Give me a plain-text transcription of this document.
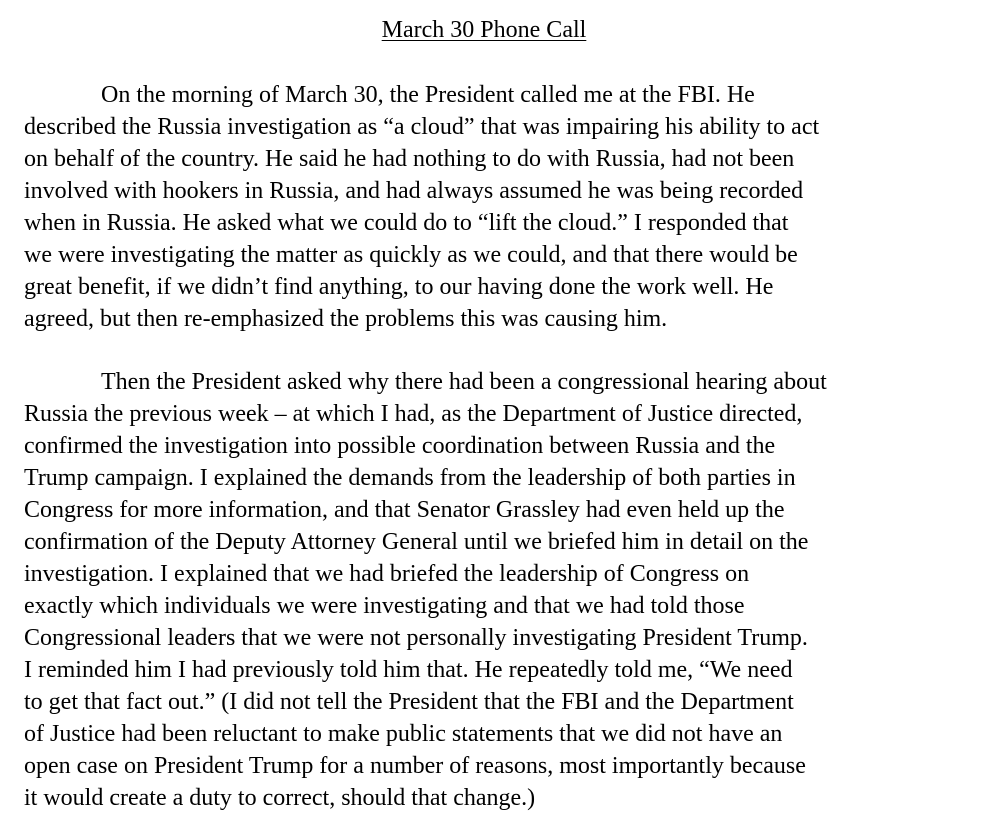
March 30 Phone Call
On the morning of March 30, the President called me at the FBI. He
described the Russia investigation as “a cloud” that was impairing his ability to act
on behalf of the country. He said he had nothing to do with Russia, had not been
involved with hookers in Russia, and had always assumed he was being recorded
when in Russia. He asked what we could do to “lift the cloud.” I responded that
we were investigating the matter as quickly as we could, and that there would be
great benefit, if we didn’t find anything, to our having done the work well. He
agreed, but then re-emphasized the problems this was causing him.
Then the President asked why there had been a congressional hearing about
Russia the previous week – at which I had, as the Department of Justice directed,
confirmed the investigation into possible coordination between Russia and the
Trump campaign. I explained the demands from the leadership of both parties in
Congress for more information, and that Senator Grassley had even held up the
confirmation of the Deputy Attorney General until we briefed him in detail on the
investigation. I explained that we had briefed the leadership of Congress on
exactly which individuals we were investigating and that we had told those
Congressional leaders that we were not personally investigating President Trump.
I reminded him I had previously told him that. He repeatedly told me, “We need
to get that fact out.” (I did not tell the President that the FBI and the Department
of Justice had been reluctant to make public statements that we did not have an
open case on President Trump for a number of reasons, most importantly because
it would create a duty to correct, should that change.)
